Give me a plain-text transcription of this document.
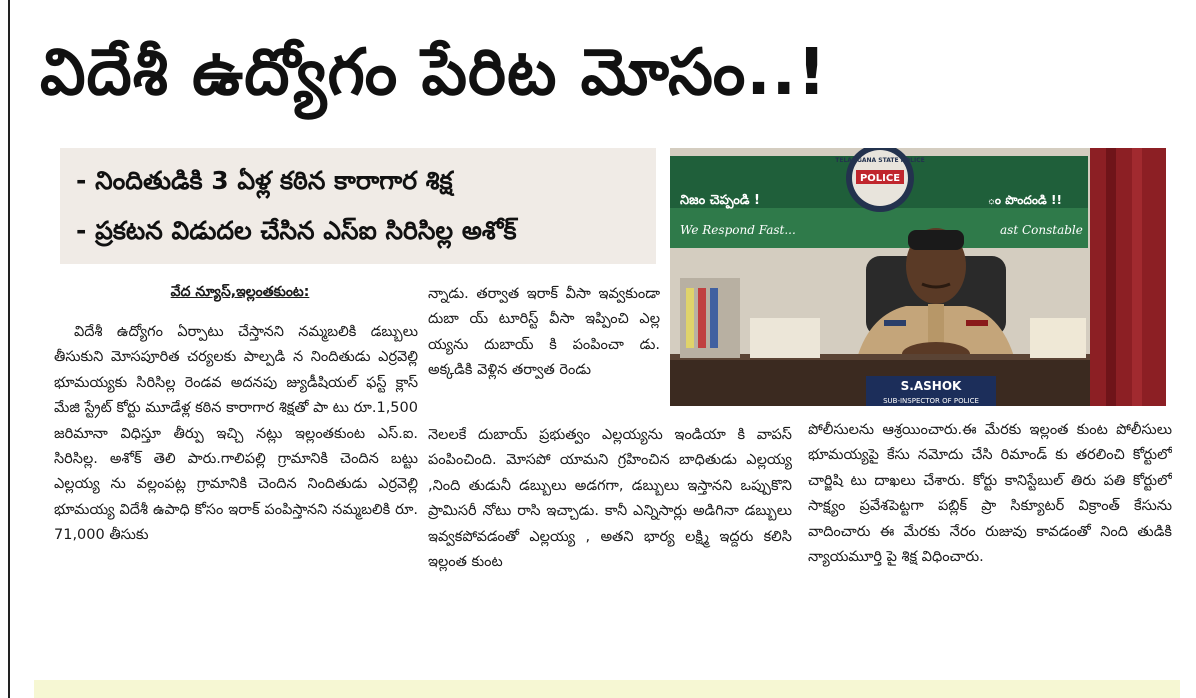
విదేశీ ఉద్యోగం పేరిట మోసం..!
- నిందితుడికి 3 ఏళ్ల కఠిన కారాగార శిక్ష
- ప్రకటన విడుదల చేసిన ఎస్ఐ సిరిసిల్ల అశోక్
TELANGANA STATE POLICE
POLICE
నిజం చెప్పండి !	ం పొందండి !!
We Respond Fast...	ast Constable
S.ASHOK
SUB-INSPECTOR OF POLICE
వేద న్యూస్,ఇల్లంతకుంట:
విదేశీ ఉద్యోగం ఏర్పాటు చేస్తానని నమ్మబలికి డబ్బులు తీసుకుని మోసపూరిత చర్యలకు పాల్పడి న నిందితుడు ఎర్రవెల్లి భూమయ్యకు సిరిసిల్ల రెండవ అదనపు జ్యుడీషియల్ ఫస్ట్ క్లాస్ మేజి స్ట్రేట్ కోర్టు మూడేళ్ల కఠిన కారాగార శిక్షతో పా టు రూ.1,500 జరిమానా విధిస్తూ తీర్పు ఇచ్చి నట్లు ఇల్లంతకుంట ఎస్.ఐ. సిరిసిల్ల. అశోక్ తెలి పారు.గాలిపల్లి గ్రామానికి చెందిన బట్టు ఎల్లయ్య ను వల్లంపట్ల గ్రామానికి చెందిన నిందితుడు ఎర్రవెల్లి భూమయ్య విదేశీ ఉపాధి కోసం ఇరాక్ పంపిస్తానని నమ్మబలికి రూ. 71,000 తీసుకు
న్నాడు. తర్వాత ఇరాక్ వీసా ఇవ్వకుండా దుబా య్ టూరిస్ట్ వీసా ఇప్పించి ఎల్ల య్యను దుబాయ్ కి పంపించా డు. అక్కడికి వెళ్లిన తర్వాత రెండు
నెలలకే దుబాయ్ ప్రభుత్వం ఎల్లయ్యను ఇండియా కి వాపస్ పంపించింది. మోసపో యామని గ్రహించిన బాధితుడు ఎల్లయ్య ,నింది తుడునీ డబ్బులు అడగగా, డబ్బులు ఇస్తానని ఒప్పుకొని ప్రామిసరీ నోటు రాసి ఇచ్చాడు. కానీ ఎన్నిసార్లు అడిగినా డబ్బులు ఇవ్వకపోవడంతో ఎల్లయ్య , అతని భార్య లక్ష్మి ఇద్దరు కలిసి ఇల్లంత కుంట
పోలీసులను ఆశ్రయించారు.ఈ మేరకు ఇల్లంత కుంట పోలీసులు భూమయ్యపై కేసు నమోదు చేసి రిమాండ్ కు తరలించి కోర్టులో చార్జిషి టు దాఖలు చేశారు. కోర్టు కానిస్టేబుల్ తిరు పతి కోర్టులో సాక్ష్యం ప్రవేశపెట్టగా పబ్లిక్ ప్రా సిక్యూటర్ విక్రాంత్ కేసును వాదించారు ఈ మేరకు నేరం రుజువు కావడంతో నింది తుడికి న్యాయమూర్తి పై శిక్ష విధించారు.
